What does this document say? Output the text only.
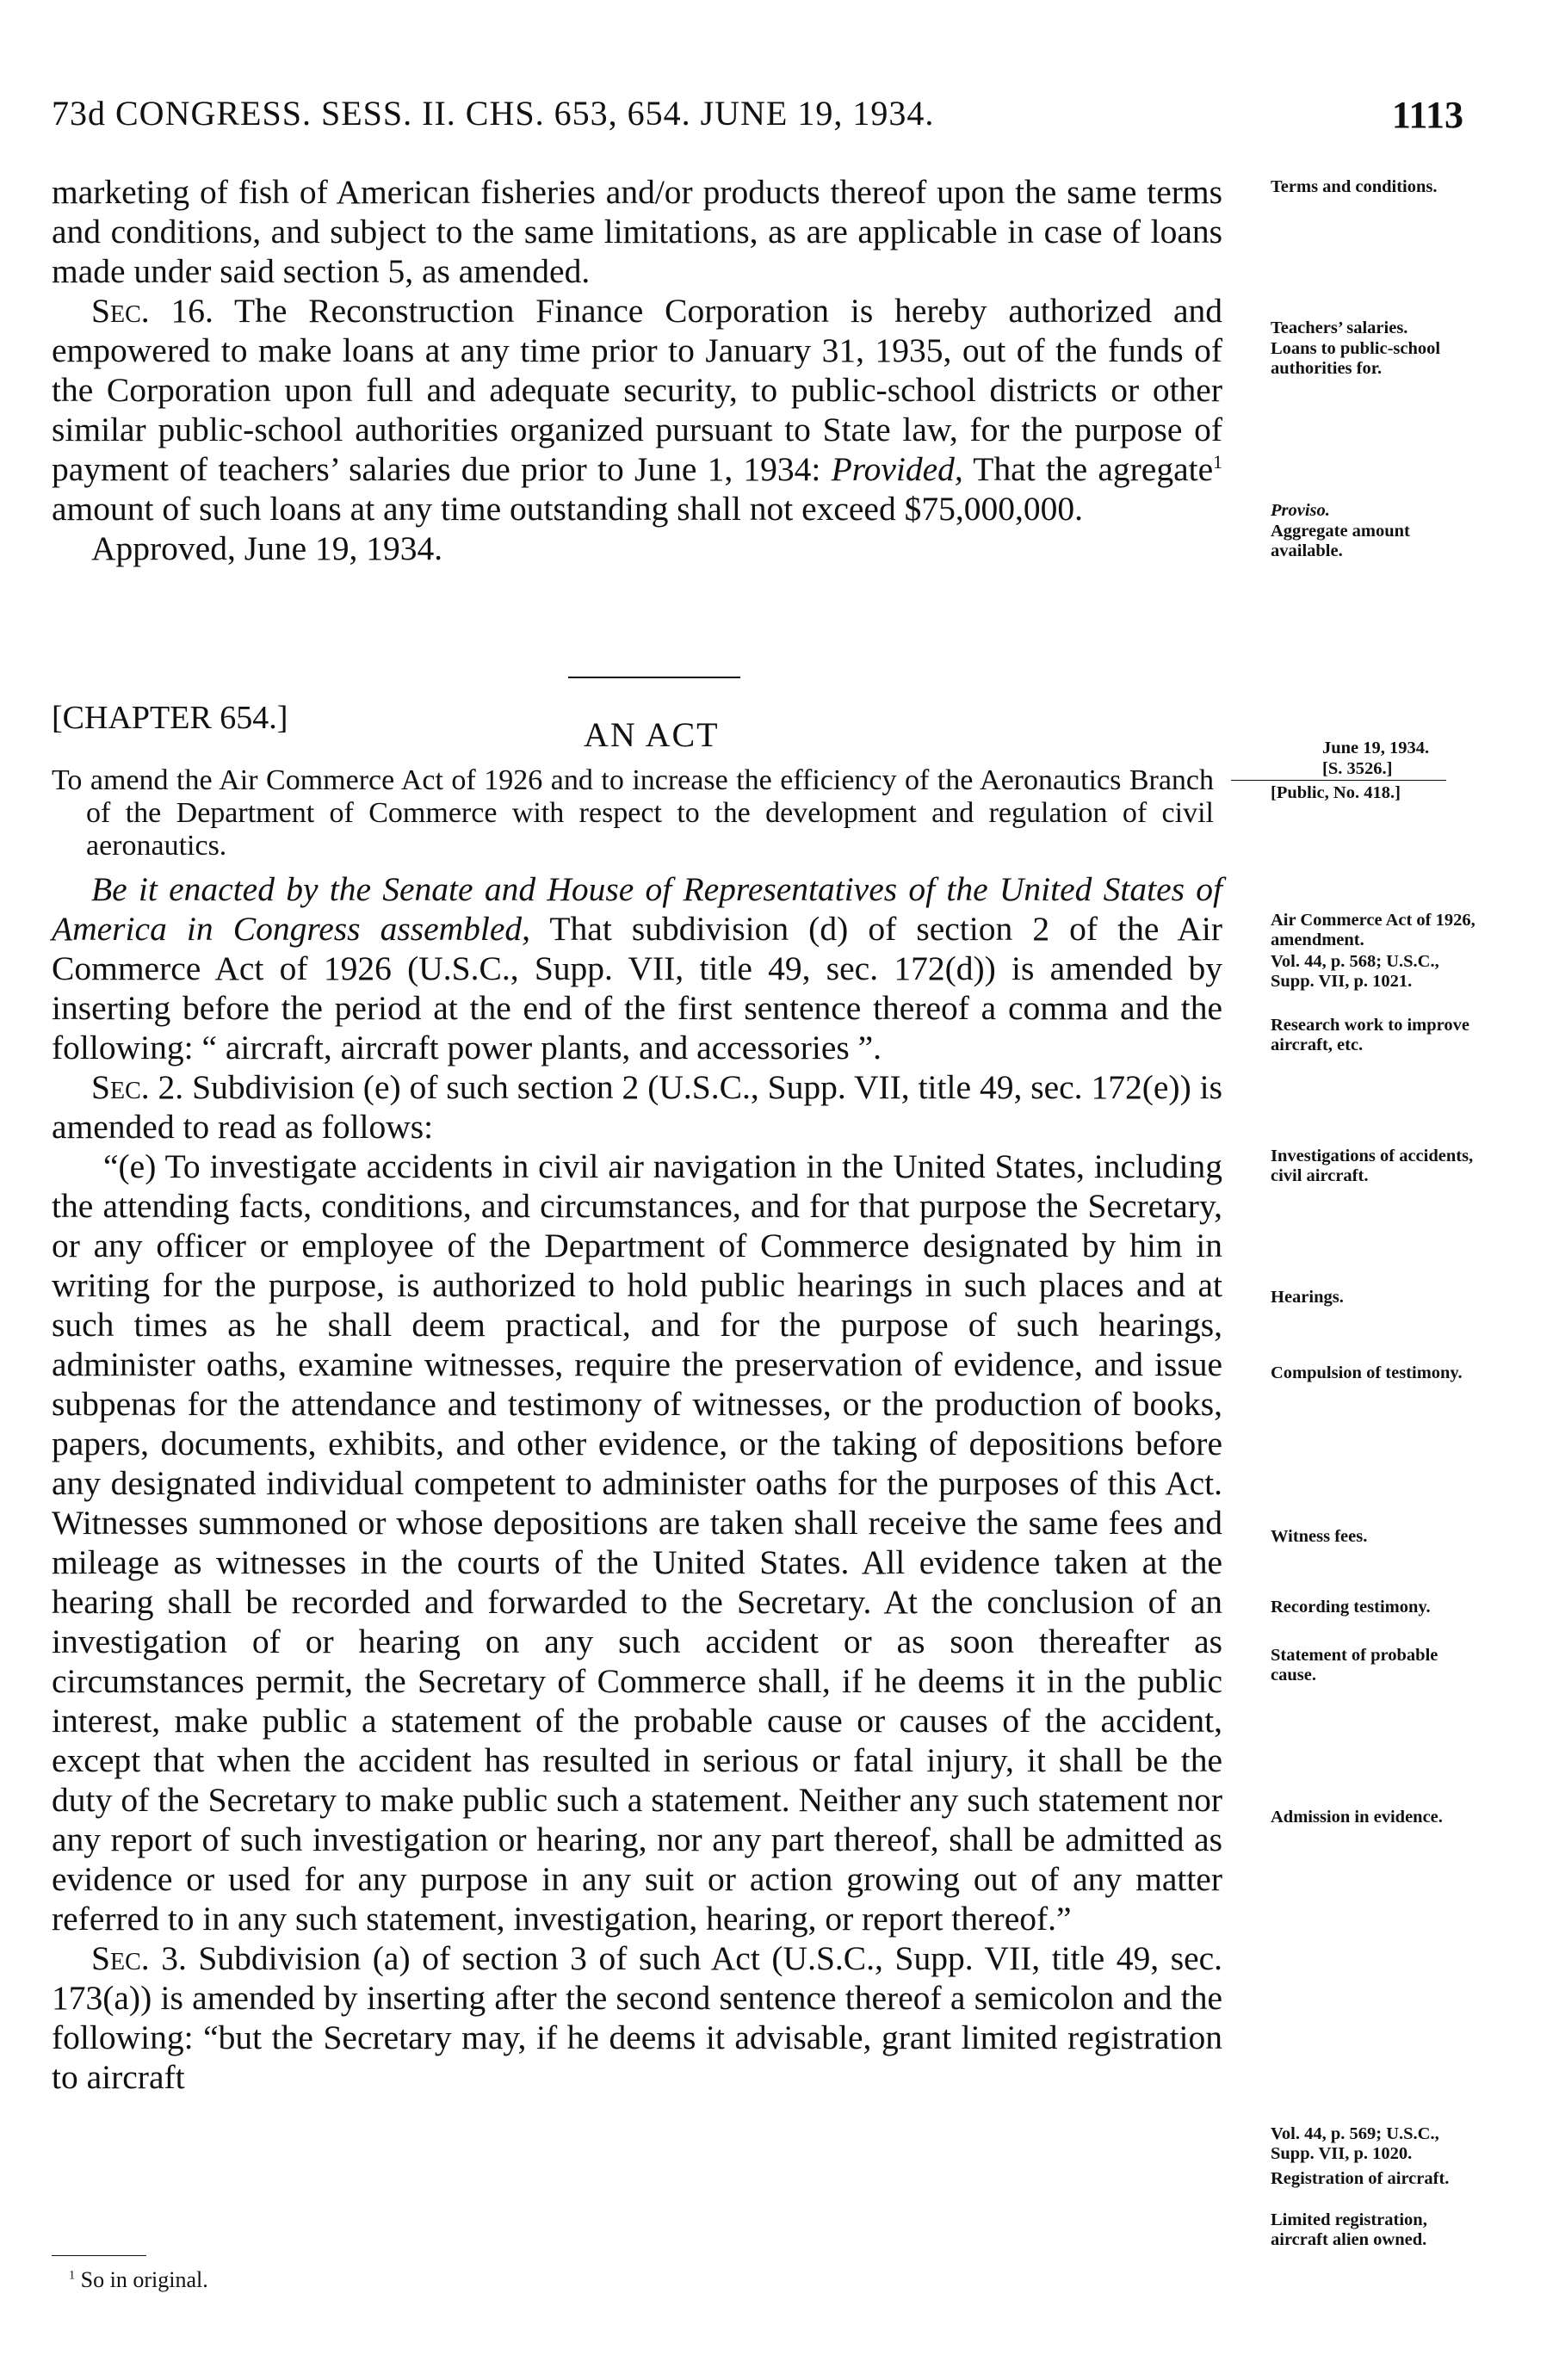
73d CONGRESS. SESS. II. CHS. 653, 654. JUNE 19, 1934.	1113

marketing of fish of American fisheries and/or products thereof upon the same terms and conditions, and subject to the same limitations, as are applicable in case of loans made under said section 5, as amended.

Sec. 16. The Reconstruction Finance Corporation is hereby authorized and empowered to make loans at any time prior to January 31, 1935, out of the funds of the Corporation upon full and adequate security, to public-school districts or other similar public-school authorities organized pursuant to State law, for the purpose of payment of teachers’ salaries due prior to June 1, 1934: Provided, That the agregate$^1$ amount of such loans at any time outstanding shall not exceed $75,000,000.

Approved, June 19, 1934.

[CHAPTER 654.]	AN ACT

To amend the Air Commerce Act of 1926 and to increase the efficiency of the Aeronautics Branch of the Department of Commerce with respect to the development and regulation of civil aeronautics.

Be it enacted by the Senate and House of Representatives of the United States of America in Congress assembled, That subdivision (d) of section 2 of the Air Commerce Act of 1926 (U.S.C., Supp. VII, title 49, sec. 172(d)) is amended by inserting before the period at the end of the first sentence thereof a comma and the following: “ aircraft, aircraft power plants, and accessories ”.

Sec. 2. Subdivision (e) of such section 2 (U.S.C., Supp. VII, title 49, sec. 172(e)) is amended to read as follows:

“(e) To investigate accidents in civil air navigation in the United States, including the attending facts, conditions, and circumstances, and for that purpose the Secretary, or any officer or employee of the Department of Commerce designated by him in writing for the purpose, is authorized to hold public hearings in such places and at such times as he shall deem practical, and for the purpose of such hearings, administer oaths, examine witnesses, require the preservation of evidence, and issue subpenas for the attendance and testimony of witnesses, or the production of books, papers, documents, exhibits, and other evidence, or the taking of depositions before any designated individual competent to administer oaths for the purposes of this Act. Witnesses summoned or whose depositions are taken shall receive the same fees and mileage as witnesses in the courts of the United States. All evidence taken at the hearing shall be recorded and forwarded to the Secretary. At the conclusion of an investigation of or hearing on any such accident or as soon thereafter as circumstances permit, the Secretary of Commerce shall, if he deems it in the public interest, make public a statement of the probable cause or causes of the accident, except that when the accident has resulted in serious or fatal injury, it shall be the duty of the Secretary to make public such a statement. Neither any such statement nor any report of such investigation or hearing, nor any part thereof, shall be admitted as evidence or used for any purpose in any suit or action growing out of any matter referred to in any such statement, investigation, hearing, or report thereof.”

Sec. 3. Subdivision (a) of section 3 of such Act (U.S.C., Supp. VII, title 49, sec. 173(a)) is amended by inserting after the second sentence thereof a semicolon and the following: “but the Secretary may, if he deems it advisable, grant limited registration to aircraft

Terms and conditions.
Teachers’ salaries.
Loans to public-school authorities for.
Proviso.
Aggregate amount available.
June 19, 1934.
[S. 3526.]
[Public, No. 418.]
Air Commerce Act of 1926, amendment.
Vol. 44, p. 568; U.S.C., Supp. VII, p. 1021.
Research work to improve aircraft, etc.
Investigations of accidents, civil aircraft.
Hearings.
Compulsion of testimony.
Witness fees.
Recording testimony.
Statement of probable cause.
Admission in evidence.
Vol. 44, p. 569; U.S.C., Supp. VII, p. 1020.
Registration of aircraft.
Limited registration, aircraft alien owned.
$^1$ So in original.
